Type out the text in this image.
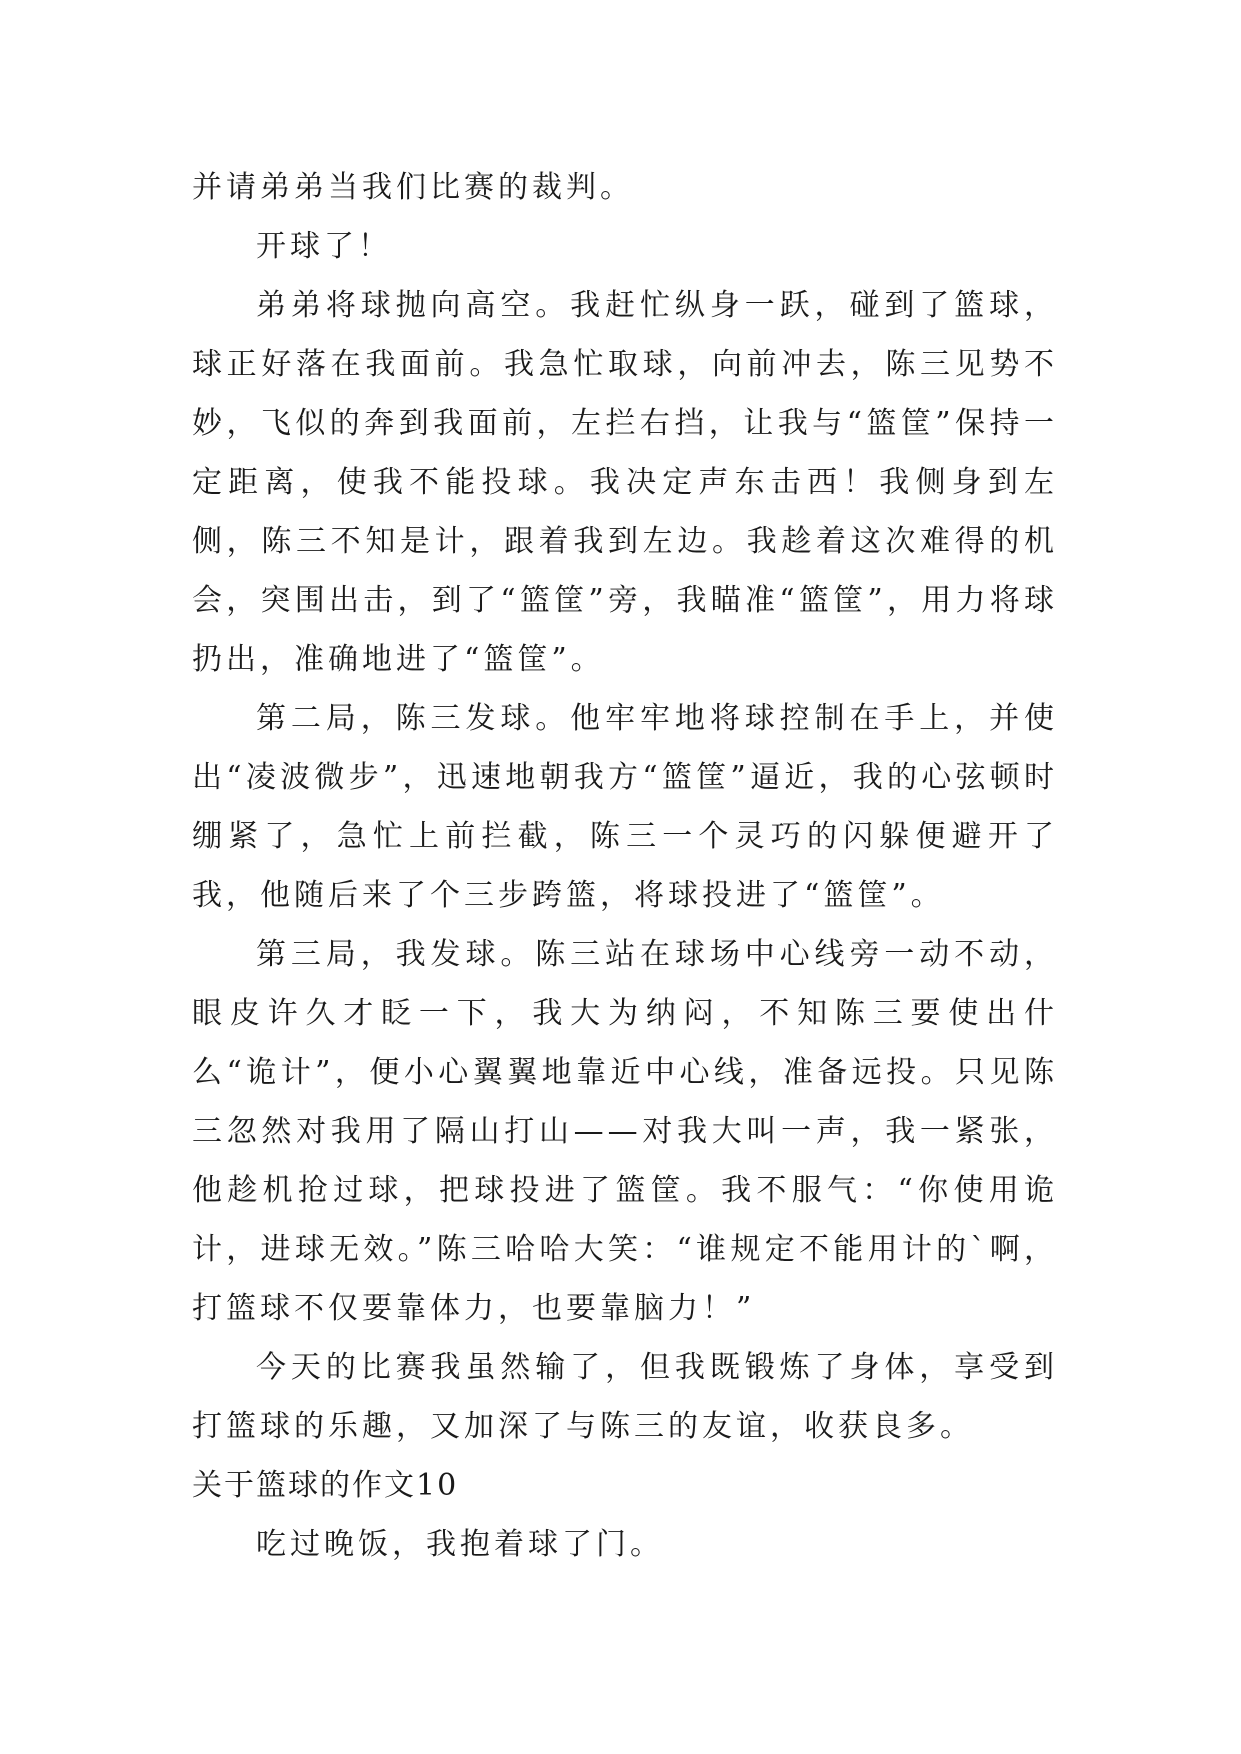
并请弟弟当我们比赛的裁判。

开球了！

弟弟将球抛向高空。我赶忙纵身一跃，碰到了篮球，球正好落在我面前。我急忙取球，向前冲去，陈三见势不妙，飞似的奔到我面前，左拦右挡，让我与“篮筐”保持一定距离，使我不能投球。我决定声东击西！我侧身到左侧，陈三不知是计，跟着我到左边。我趁着这次难得的机会，突围出击，到了“篮筐”旁，我瞄准“篮筐”，用力将球扔出，准确地进了“篮筐”。

第二局，陈三发球。他牢牢地将球控制在手上，并使出“凌波微步”，迅速地朝我方“篮筐”逼近，我的心弦顿时绷紧了，急忙上前拦截，陈三一个灵巧的闪躲便避开了我，他随后来了个三步跨篮，将球投进了“篮筐”。

第三局，我发球。陈三站在球场中心线旁一动不动，眼皮许久才眨一下，我大为纳闷，不知陈三要使出什么“诡计”，便小心翼翼地靠近中心线，准备远投。只见陈三忽然对我用了隔山打山——对我大叫一声，我一紧张，他趁机抢过球，把球投进了篮筐。我不服气：“你使用诡计，进球无效。”陈三哈哈大笑：“谁规定不能用计的`啊，打篮球不仅要靠体力，也要靠脑力！”

今天的比赛我虽然输了，但我既锻炼了身体，享受到打篮球的乐趣，又加深了与陈三的友谊，收获良多。

关于篮球的作文10

吃过晚饭，我抱着球了门。
